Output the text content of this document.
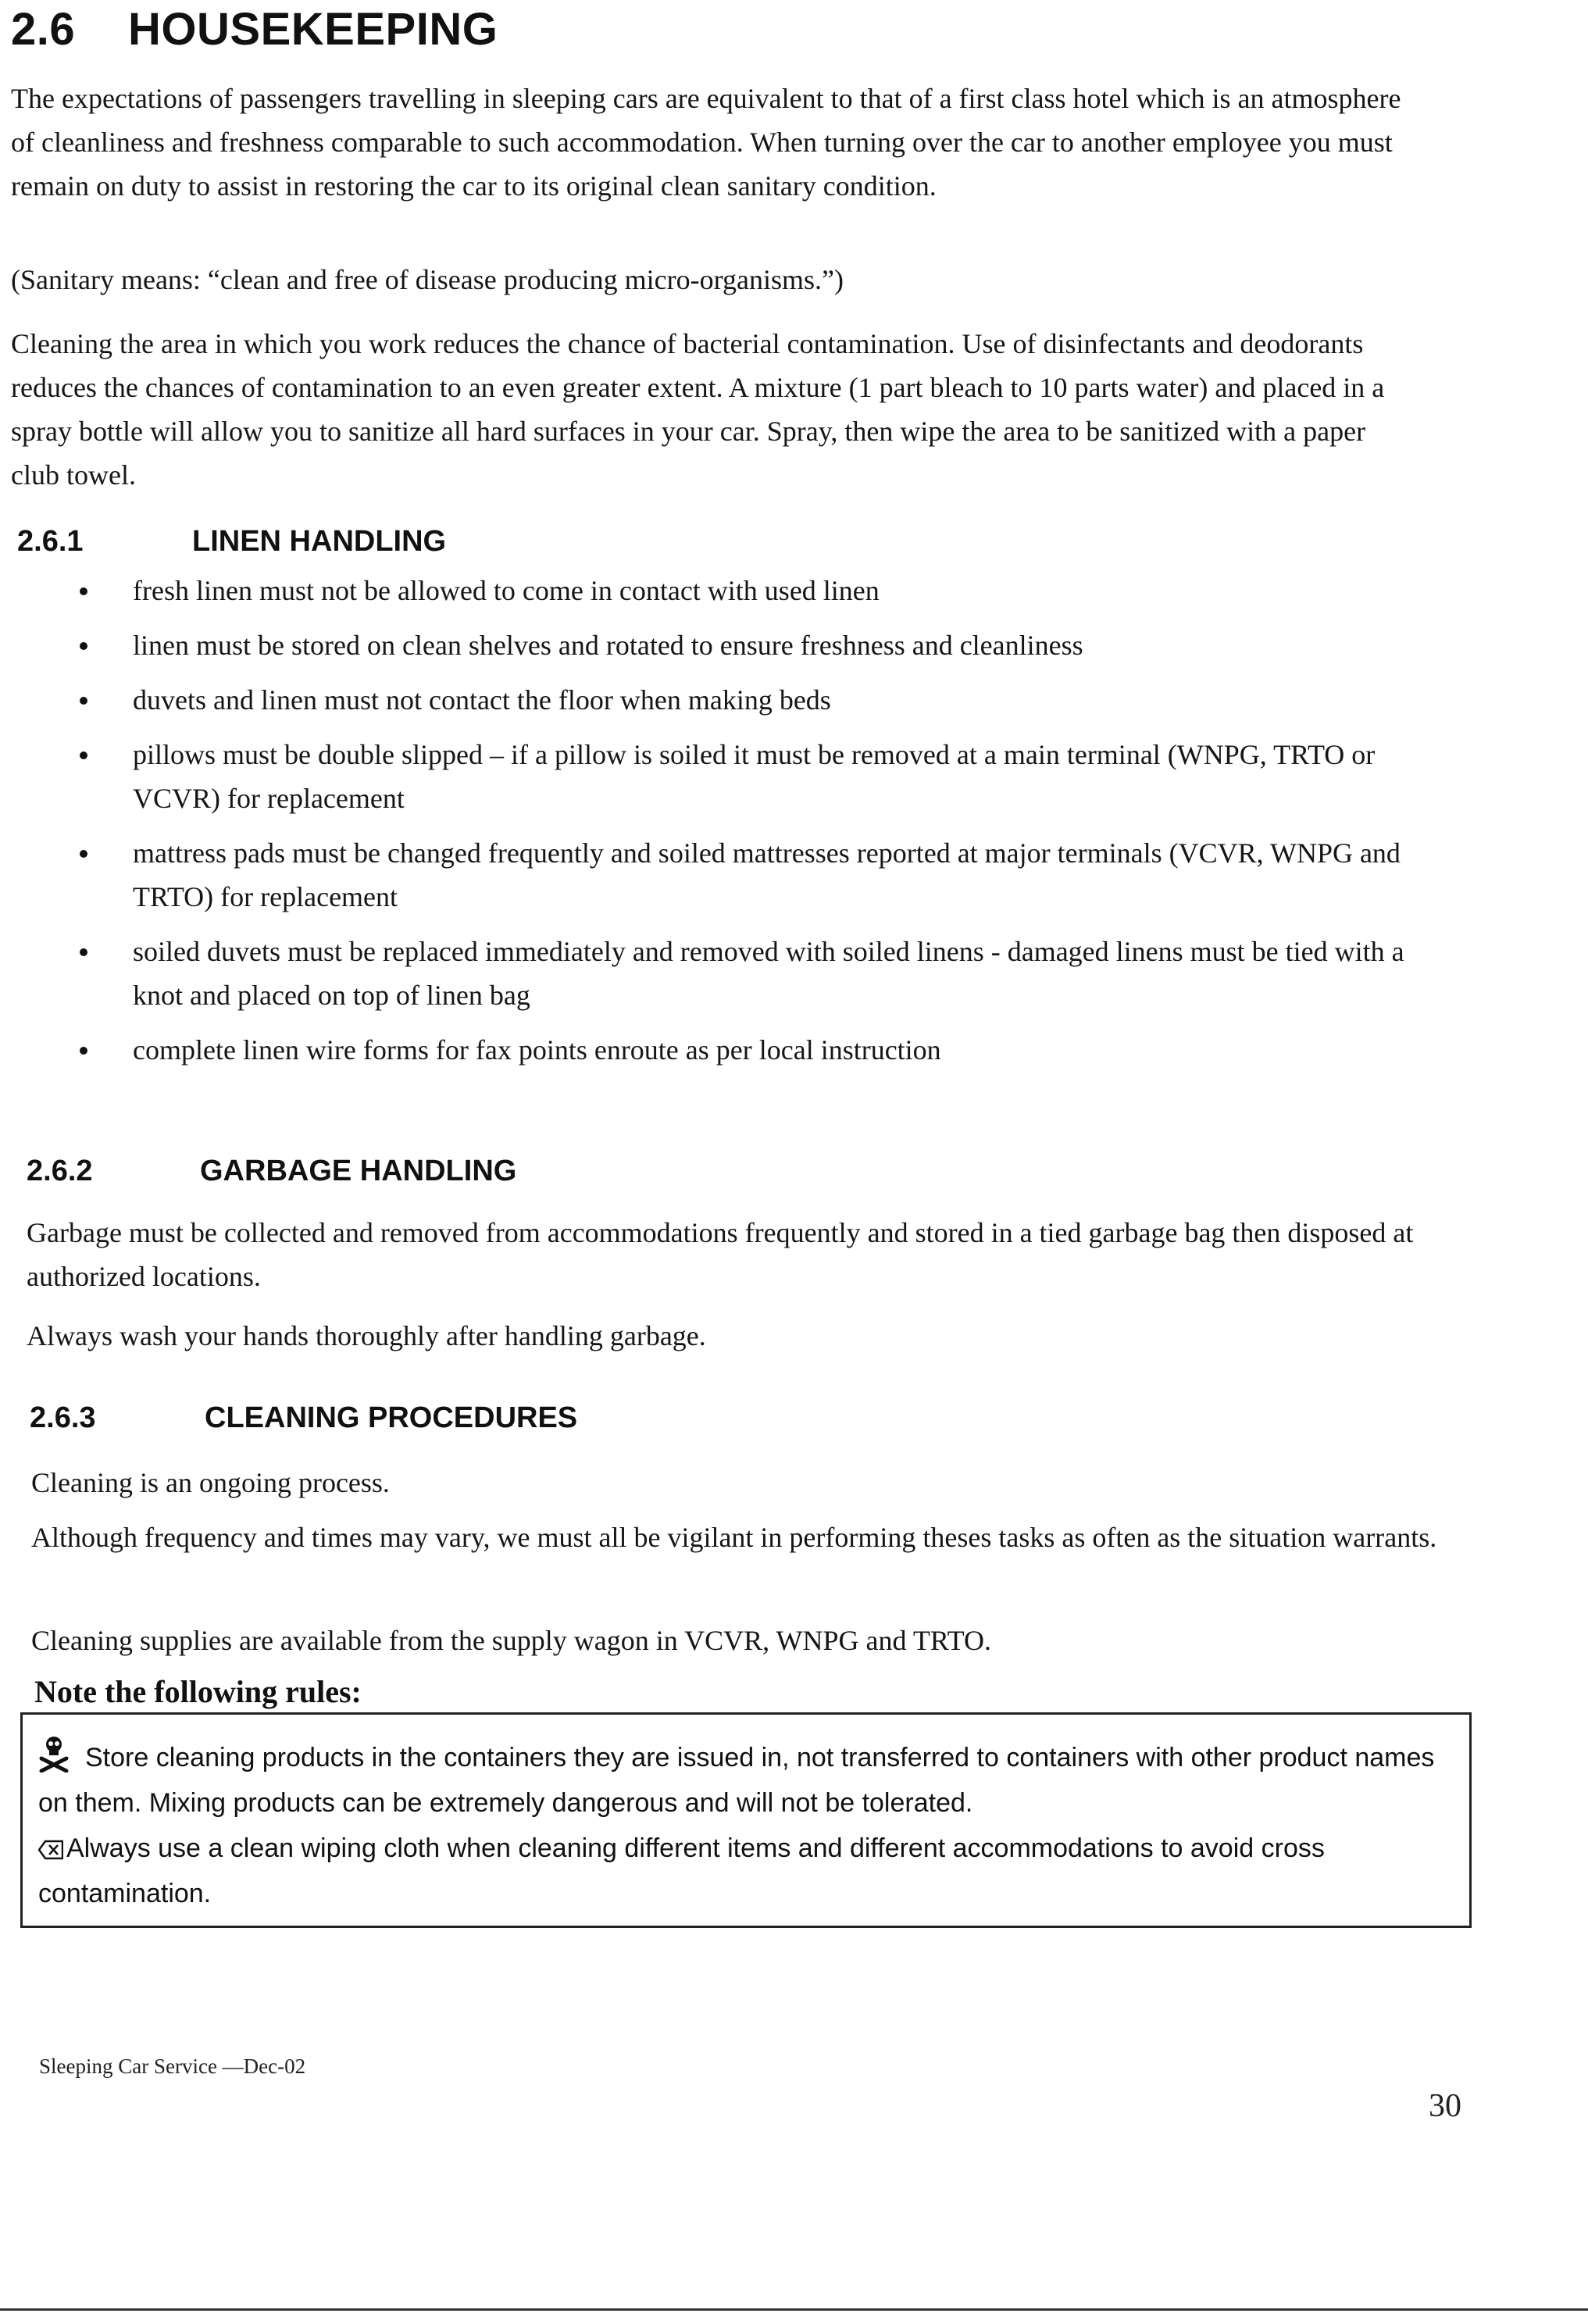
2.6 HOUSEKEEPING

The expectations of passengers travelling in sleeping cars are equivalent to that of a first class hotel which is an atmosphere of cleanliness and freshness comparable to such accommodation. When turning over the car to another employee you must remain on duty to assist in restoring the car to its original clean sanitary condition.

(Sanitary means: “clean and free of disease producing micro-organisms.”)

Cleaning the area in which you work reduces the chance of bacterial contamination. Use of disinfectants and deodorants reduces the chances of contamination to an even greater extent. A mixture (1 part bleach to 10 parts water) and placed in a spray bottle will allow you to sanitize all hard surfaces in your car. Spray, then wipe the area to be sanitized with a paper club towel.

2.6.1	LINEN HANDLING
fresh linen must not be allowed to come in contact with used linen
linen must be stored on clean shelves and rotated to ensure freshness and cleanliness
duvets and linen must not contact the floor when making beds
pillows must be double slipped – if a pillow is soiled it must be removed at a main terminal (WNPG, TRTO or VCVR) for replacement
mattress pads must be changed frequently and soiled mattresses reported at major terminals (VCVR, WNPG and TRTO) for replacement
soiled duvets must be replaced immediately and removed with soiled linens - damaged linens must be tied with a knot and placed on top of linen bag
complete linen wire forms for fax points enroute as per local instruction
2.6.2	GARBAGE HANDLING

Garbage must be collected and removed from accommodations frequently and stored in a tied garbage bag then disposed at authorized locations.

Always wash your hands thoroughly after handling garbage.

2.6.3	CLEANING PROCEDURES

Cleaning is an ongoing process.

Although frequency and times may vary, we must all be vigilant in performing theses tasks as often as the situation warrants.

Cleaning supplies are available from the supply wagon in VCVR, WNPG and TRTO.

Note the following rules:

Store cleaning products in the containers they are issued in, not transferred to containers with other product names on them. Mixing products can be extremely dangerous and will not be tolerated.

Always use a clean wiping cloth when cleaning different items and different accommodations to avoid cross contamination.

Sleeping Car Service —Dec-02

30
